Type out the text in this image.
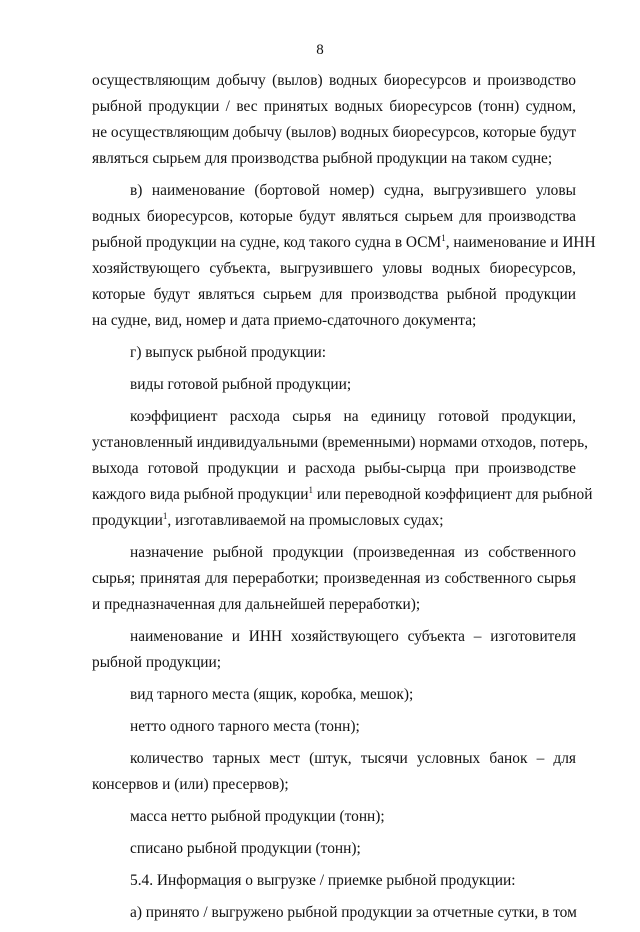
8
осуществляющим добычу (вылов) водных биоресурсов и производство
рыбной продукции / вес принятых водных биоресурсов (тонн) судном,
не осуществляющим добычу (вылов) водных биоресурсов, которые будут
являться сырьем для производства рыбной продукции на таком судне;
в) наименование (бортовой номер) судна, выгрузившего уловы
водных биоресурсов, которые будут являться сырьем для производства
рыбной продукции на судне, код такого судна в ОСМ$^1$, наименование и ИНН
хозяйствующего субъекта, выгрузившего уловы водных биоресурсов,
которые будут являться сырьем для производства рыбной продукции
на судне, вид, номер и дата приемо-сдаточного документа;
г) выпуск рыбной продукции:
виды готовой рыбной продукции;
коэффициент расхода сырья на единицу готовой продукции,
установленный индивидуальными (временными) нормами отходов, потерь,
выхода готовой продукции и расхода рыбы-сырца при производстве
каждого вида рыбной продукции$^1$ или переводной коэффициент для рыбной
продукции$^1$, изготавливаемой на промысловых судах;
назначение рыбной продукции (произведенная из собственного
сырья; принятая для переработки; произведенная из собственного сырья
и предназначенная для дальнейшей переработки);
наименование и ИНН хозяйствующего субъекта – изготовителя
рыбной продукции;
вид тарного места (ящик, коробка, мешок);
нетто одного тарного места (тонн);
количество тарных мест (штук, тысячи условных банок – для
консервов и (или) пресервов);
масса нетто рыбной продукции (тонн);
списано рыбной продукции (тонн);
5.4. Информация о выгрузке / приемке рыбной продукции:
а) принято / выгружено рыбной продукции за отчетные сутки, в том
